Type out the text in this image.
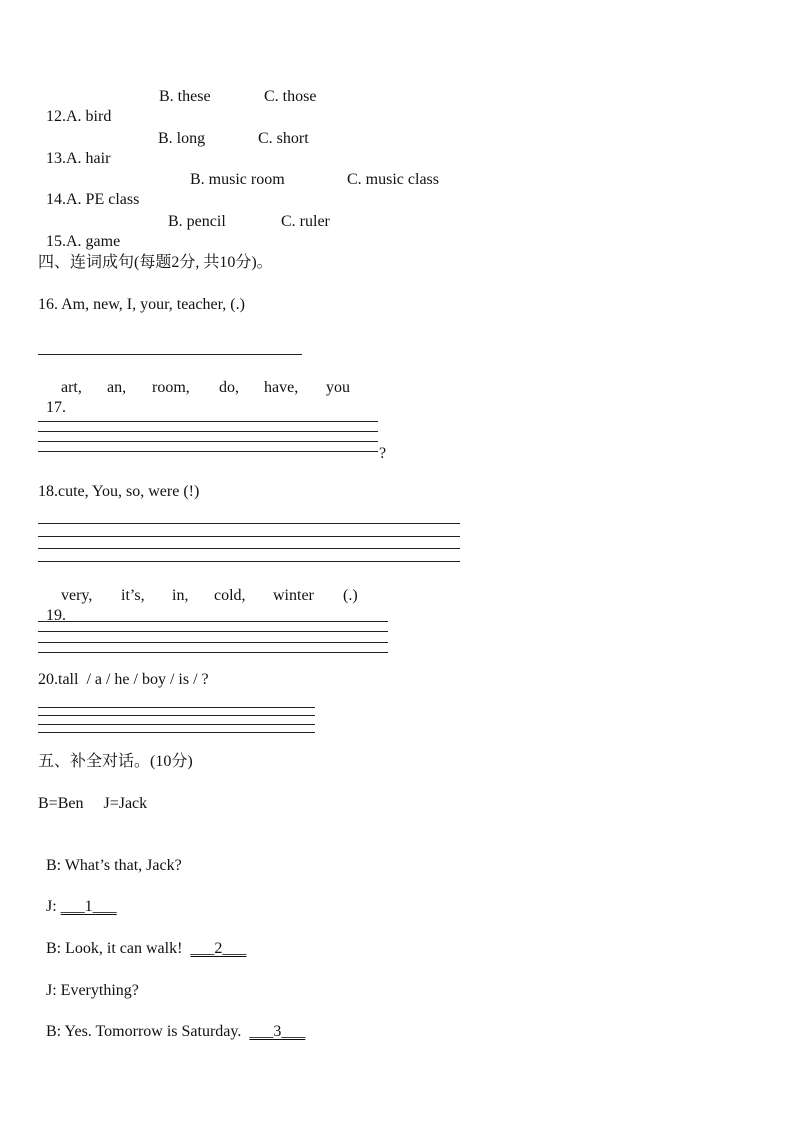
12.A. bird

B. these

	C. those

13.A. hair

B. long

	C. short

14.A. PE class

B. music room

	C. music class

15.A. game

B. pencil

	C. ruler

四、连词成句(每题2分, 共10分)。
16. Am, new, I, your, teacher, (.)

17.

art,

an,

room,

do,

have,

you

?
18.cute, You, so, were (!)

19.

very,

it’s,

in,

cold,

winter

(.)

20.tall  / a / he / boy / is / ?
五、补全对话。(10分)
B=Ben     J=Jack

B: What’s that, Jack?

J: ___1___

B: Look, it can walk!  ___2___

J: Everything?

B: Yes. Tomorrow is Saturday.  ___3___
